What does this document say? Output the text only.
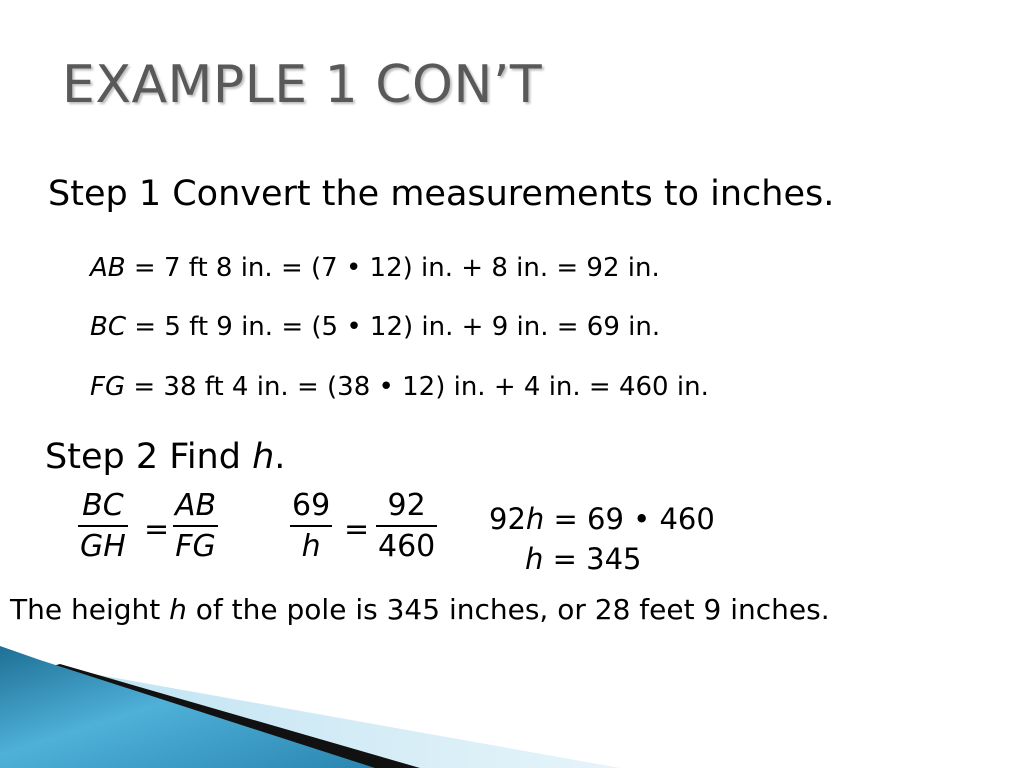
EXAMPLE 1 CON’T
Step 1 Convert the measurements to inches.
AB = 7 ft 8 in. = (7 • 12) in. + 8 in. = 92 in.
BC = 5 ft 9 in. = (5 • 12) in. + 9 in. = 69 in.
FG = 38 ft 4 in. = (38 • 12) in. + 4 in. = 460 in.
Step 2 Find h.
BC
GH =
AB
FG
69
h =
92
460
92h = 69 • 460
h = 345
The height h of the pole is 345 inches, or 28 feet 9 inches.
